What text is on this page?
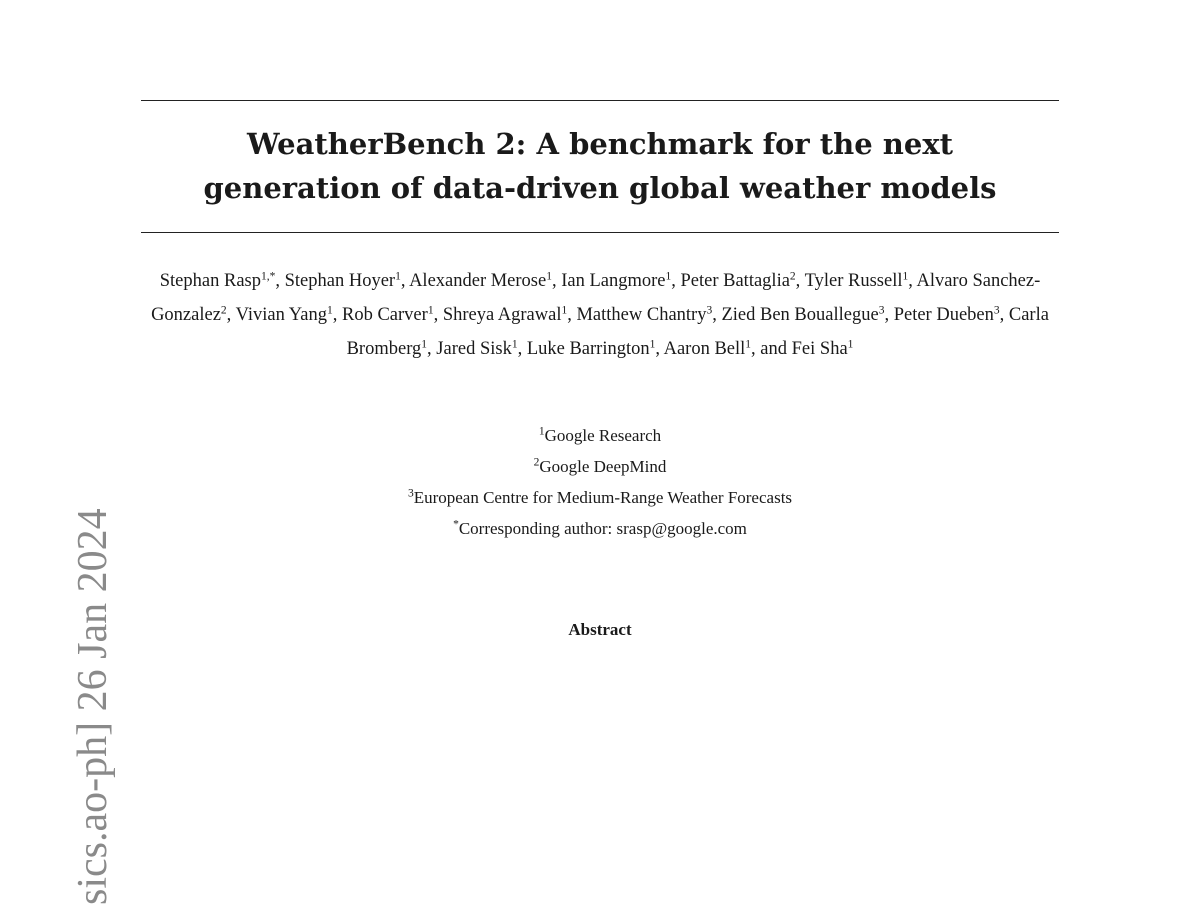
sics.ao-ph] 26 Jan 2024
WeatherBench 2: A benchmark for the next
generation of data-driven global weather models
Stephan Rasp$^{1,*}$, Stephan Hoyer$^1$, Alexander Merose$^1$, Ian Langmore$^1$, Peter Battaglia$^2$, Tyler Russell$^1$, Alvaro Sanchez-Gonzalez$^2$, Vivian Yang$^1$, Rob Carver$^1$, Shreya Agrawal$^1$, Matthew Chantry$^3$, Zied Ben Bouallegue$^3$, Peter Dueben$^3$, Carla Bromberg$^1$, Jared Sisk$^1$, Luke Barrington$^1$, Aaron Bell$^1$, and Fei Sha$^1$
$^1$Google Research
$^2$Google DeepMind
$^3$European Centre for Medium-Range Weather Forecasts
*Corresponding author: srasp@google.com
Abstract
